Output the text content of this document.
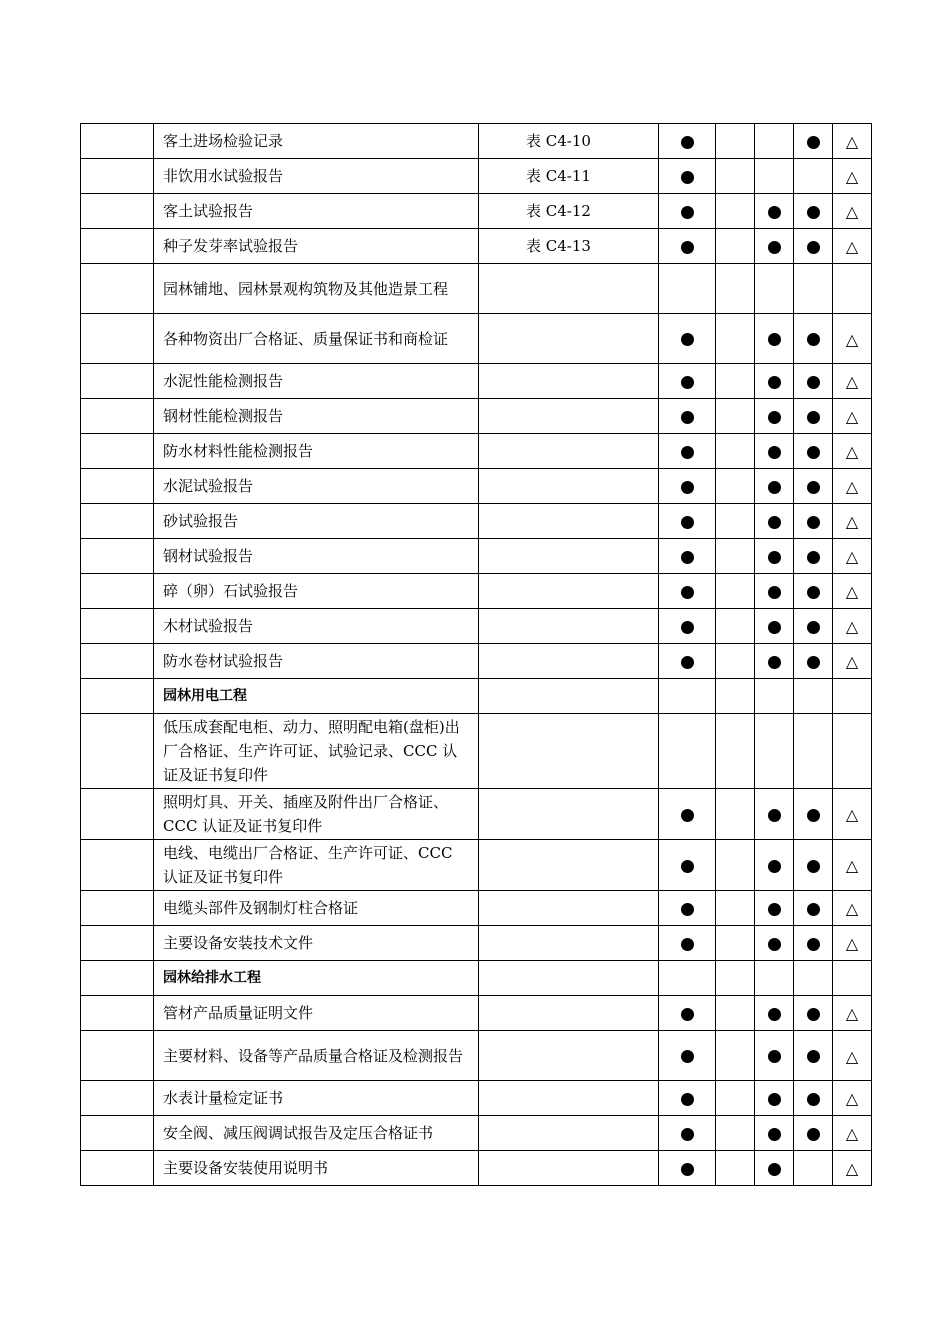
	客土进场检验记录	表 C4-10					△
	非饮用水试验报告	表 C4-11					△
	客土试验报告	表 C4-12					△
	种子发芽率试验报告	表 C4-13					△
	园林铺地、园林景观构筑物及其他造景工程						
	各种物资出厂合格证、质量保证书和商检证						△
	水泥性能检测报告						△
	钢材性能检测报告						△
	防水材料性能检测报告						△
	水泥试验报告						△
	砂试验报告						△
	钢材试验报告						△
	碎（卵）石试验报告						△
	木材试验报告						△
	防水卷材试验报告						△
	园林用电工程						
	低压成套配电柜、动力、照明配电箱(盘柜)出厂合格证、生产许可证、试验记录、CCC 认证及证书复印件						
	照明灯具、开关、插座及附件出厂合格证、CCC 认证及证书复印件						△
	电线、电缆出厂合格证、生产许可证、CCC 认证及证书复印件						△
	电缆头部件及钢制灯柱合格证						△
	主要设备安装技术文件						△
	园林给排水工程						
	管材产品质量证明文件						△
	主要材料、设备等产品质量合格证及检测报告						△
	水表计量检定证书						△
	安全阀、减压阀调试报告及定压合格证书						△
	主要设备安装使用说明书						△
